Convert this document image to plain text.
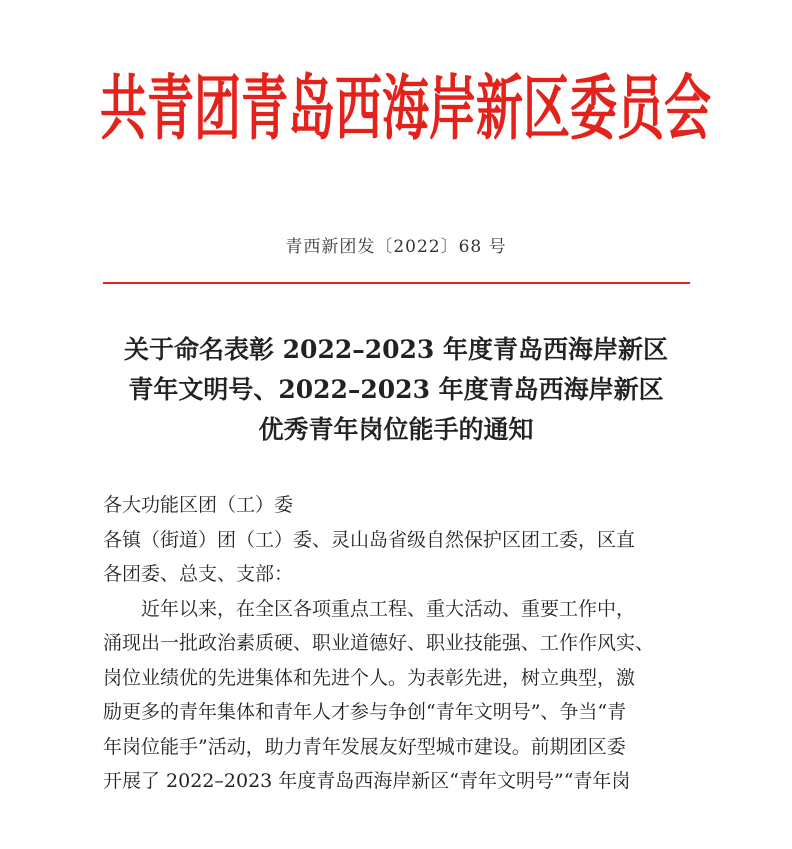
共青团青岛西海岸新区委员会
青西新团发〔2022〕68 号
关于命名表彰 2022–2023 年度青岛西海岸新区
青年文明号、2022–2023 年度青岛西海岸新区
优秀青年岗位能手的通知
各大功能区团（工）委
各镇（街道）团（工）委、灵山岛省级自然保护区团工委，区直
各团委、总支、支部：
近年以来，在全区各项重点工程、重大活动、重要工作中，
涌现出一批政治素质硬、职业道德好、职业技能强、工作作风实、
岗位业绩优的先进集体和先进个人。为表彰先进，树立典型，激
励更多的青年集体和青年人才参与争创“青年文明号”、争当“青
年岗位能手”活动，助力青年发展友好型城市建设。前期团区委
开展了 2022–2023 年度青岛西海岸新区“青年文明号”“青年岗
